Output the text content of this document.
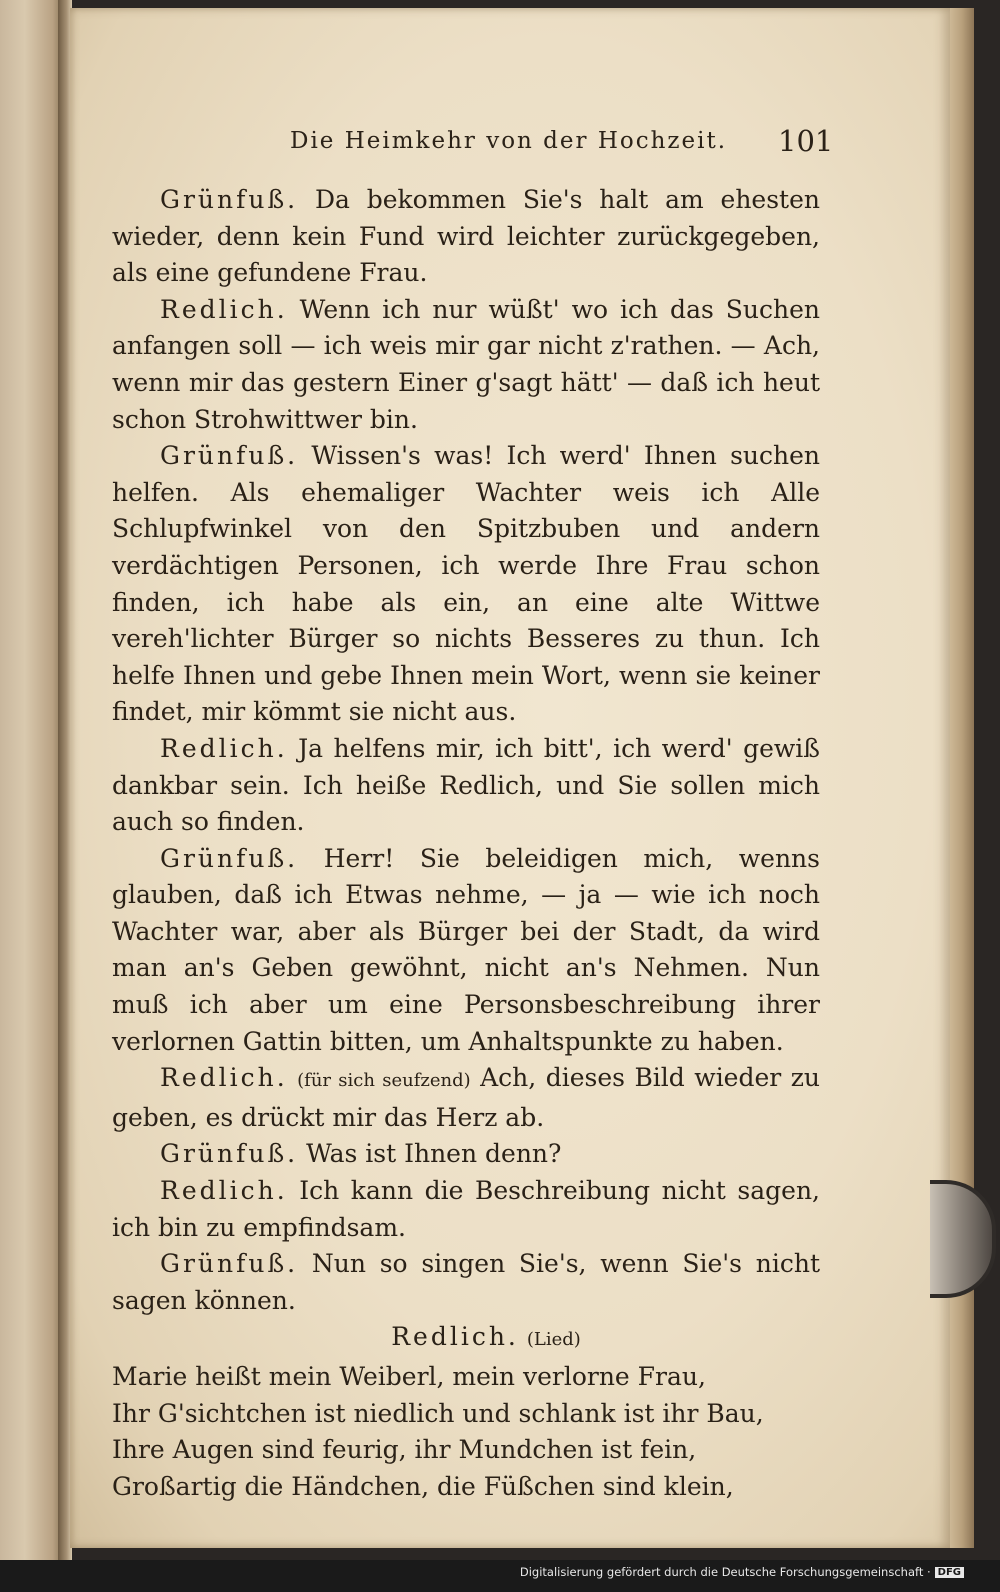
Die Heimkehr von der Hochzeit. 101

Grünfuß. Da bekommen Sie's halt am ehesten wieder, denn kein Fund wird leichter zurückgegeben, als eine gefundene Frau.

Redlich. Wenn ich nur wüßt' wo ich das Suchen anfangen soll — ich weis mir gar nicht z'rathen. — Ach, wenn mir das gestern Einer g'sagt hätt' — daß ich heut schon Strohwittwer bin.

Grünfuß. Wissen's was! Ich werd' Ihnen suchen helfen. Als ehemaliger Wachter weis ich Alle Schlupfwinkel von den Spitzbuben und andern verdächtigen Personen, ich werde Ihre Frau schon finden, ich habe als ein, an eine alte Wittwe vereh'lichter Bürger so nichts Besseres zu thun. Ich helfe Ihnen und gebe Ihnen mein Wort, wenn sie keiner findet, mir kömmt sie nicht aus.

Redlich. Ja helfens mir, ich bitt', ich werd' gewiß dankbar sein. Ich heiße Redlich, und Sie sollen mich auch so finden.

Grünfuß. Herr! Sie beleidigen mich, wenns glauben, daß ich Etwas nehme, — ja — wie ich noch Wachter war, aber als Bürger bei der Stadt, da wird man an's Geben gewöhnt, nicht an's Nehmen. Nun muß ich aber um eine Personsbeschreibung ihrer verlornen Gattin bitten, um Anhaltspunkte zu haben.

Redlich. (für sich seufzend) Ach, dieses Bild wieder zu geben, es drückt mir das Herz ab.

Grünfuß. Was ist Ihnen denn?

Redlich. Ich kann die Beschreibung nicht sagen, ich bin zu empfindsam.

Grünfuß. Nun so singen Sie's, wenn Sie's nicht sagen können.

Redlich. (Lied)

Marie heißt mein Weiberl, mein verlorne Frau,

Ihr G'sichtchen ist niedlich und schlank ist ihr Bau,

Ihre Augen sind feurig, ihr Mundchen ist fein,

Großartig die Händchen, die Füßchen sind klein,

Digitalisierung gefördert durch die Deutsche Forschungsgemeinschaft · DFG
